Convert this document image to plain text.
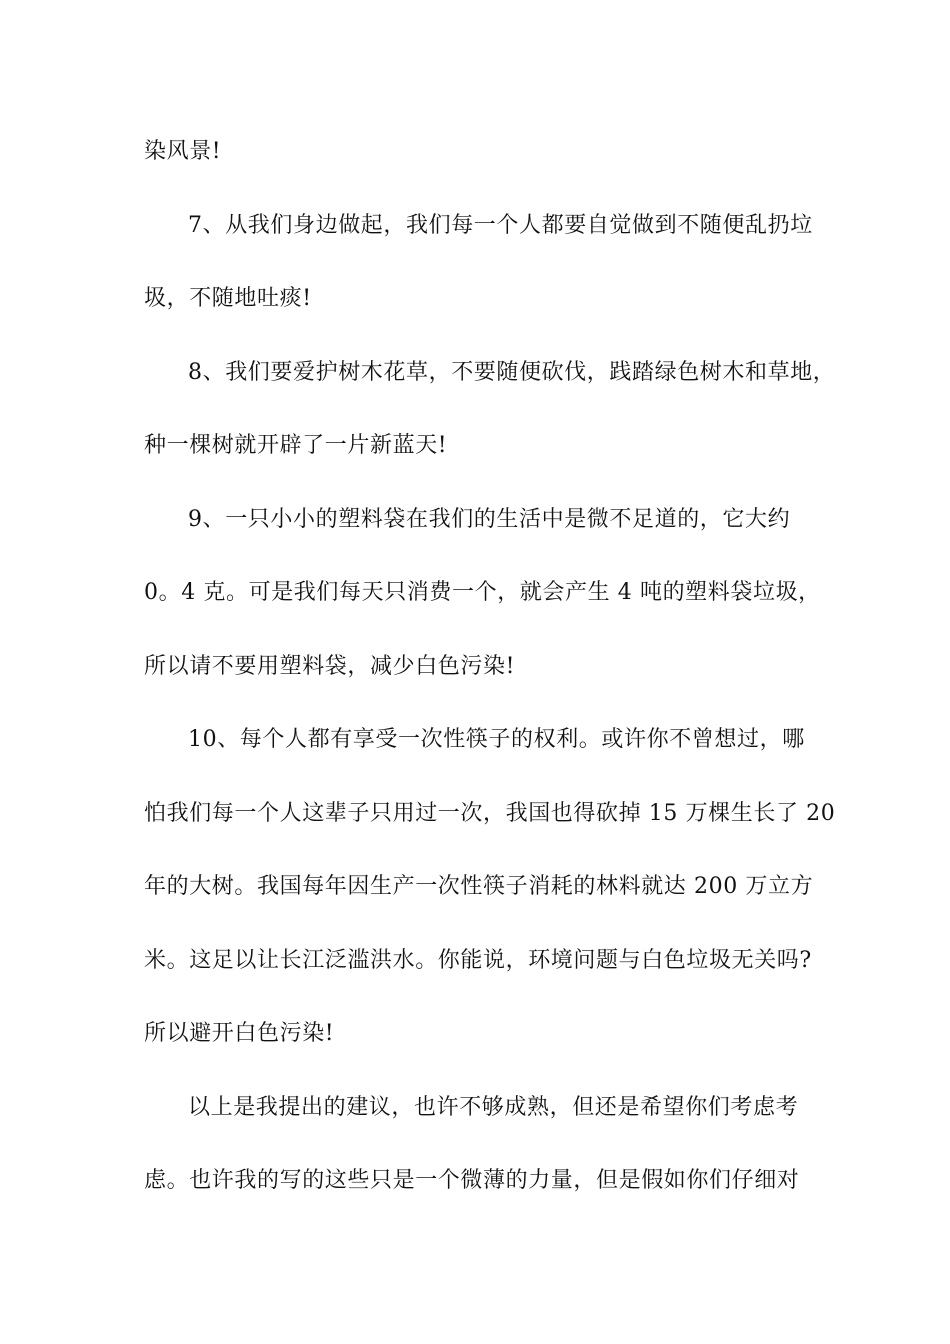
染风景!
7、从我们身边做起，我们每一个人都要自觉做到不随便乱扔垃
圾，不随地吐痰!
8、我们要爱护树木花草，不要随便砍伐，践踏绿色树木和草地，
种一棵树就开辟了一片新蓝天!
9、一只小小的塑料袋在我们的生活中是微不足道的，它大约
0。4 克。可是我们每天只消费一个，就会产生 4 吨的塑料袋垃圾，
所以请不要用塑料袋，减少白色污染!
10、每个人都有享受一次性筷子的权利。或许你不曾想过，哪
怕我们每一个人这辈子只用过一次，我国也得砍掉 15 万棵生长了 20
年的大树。我国每年因生产一次性筷子消耗的林料就达 200 万立方
米。这足以让长江泛滥洪水。你能说，环境问题与白色垃圾无关吗?
所以避开白色污染!
以上是我提出的建议，也许不够成熟，但还是希望你们考虑考
虑。也许我的写的这些只是一个微薄的力量，但是假如你们仔细对
